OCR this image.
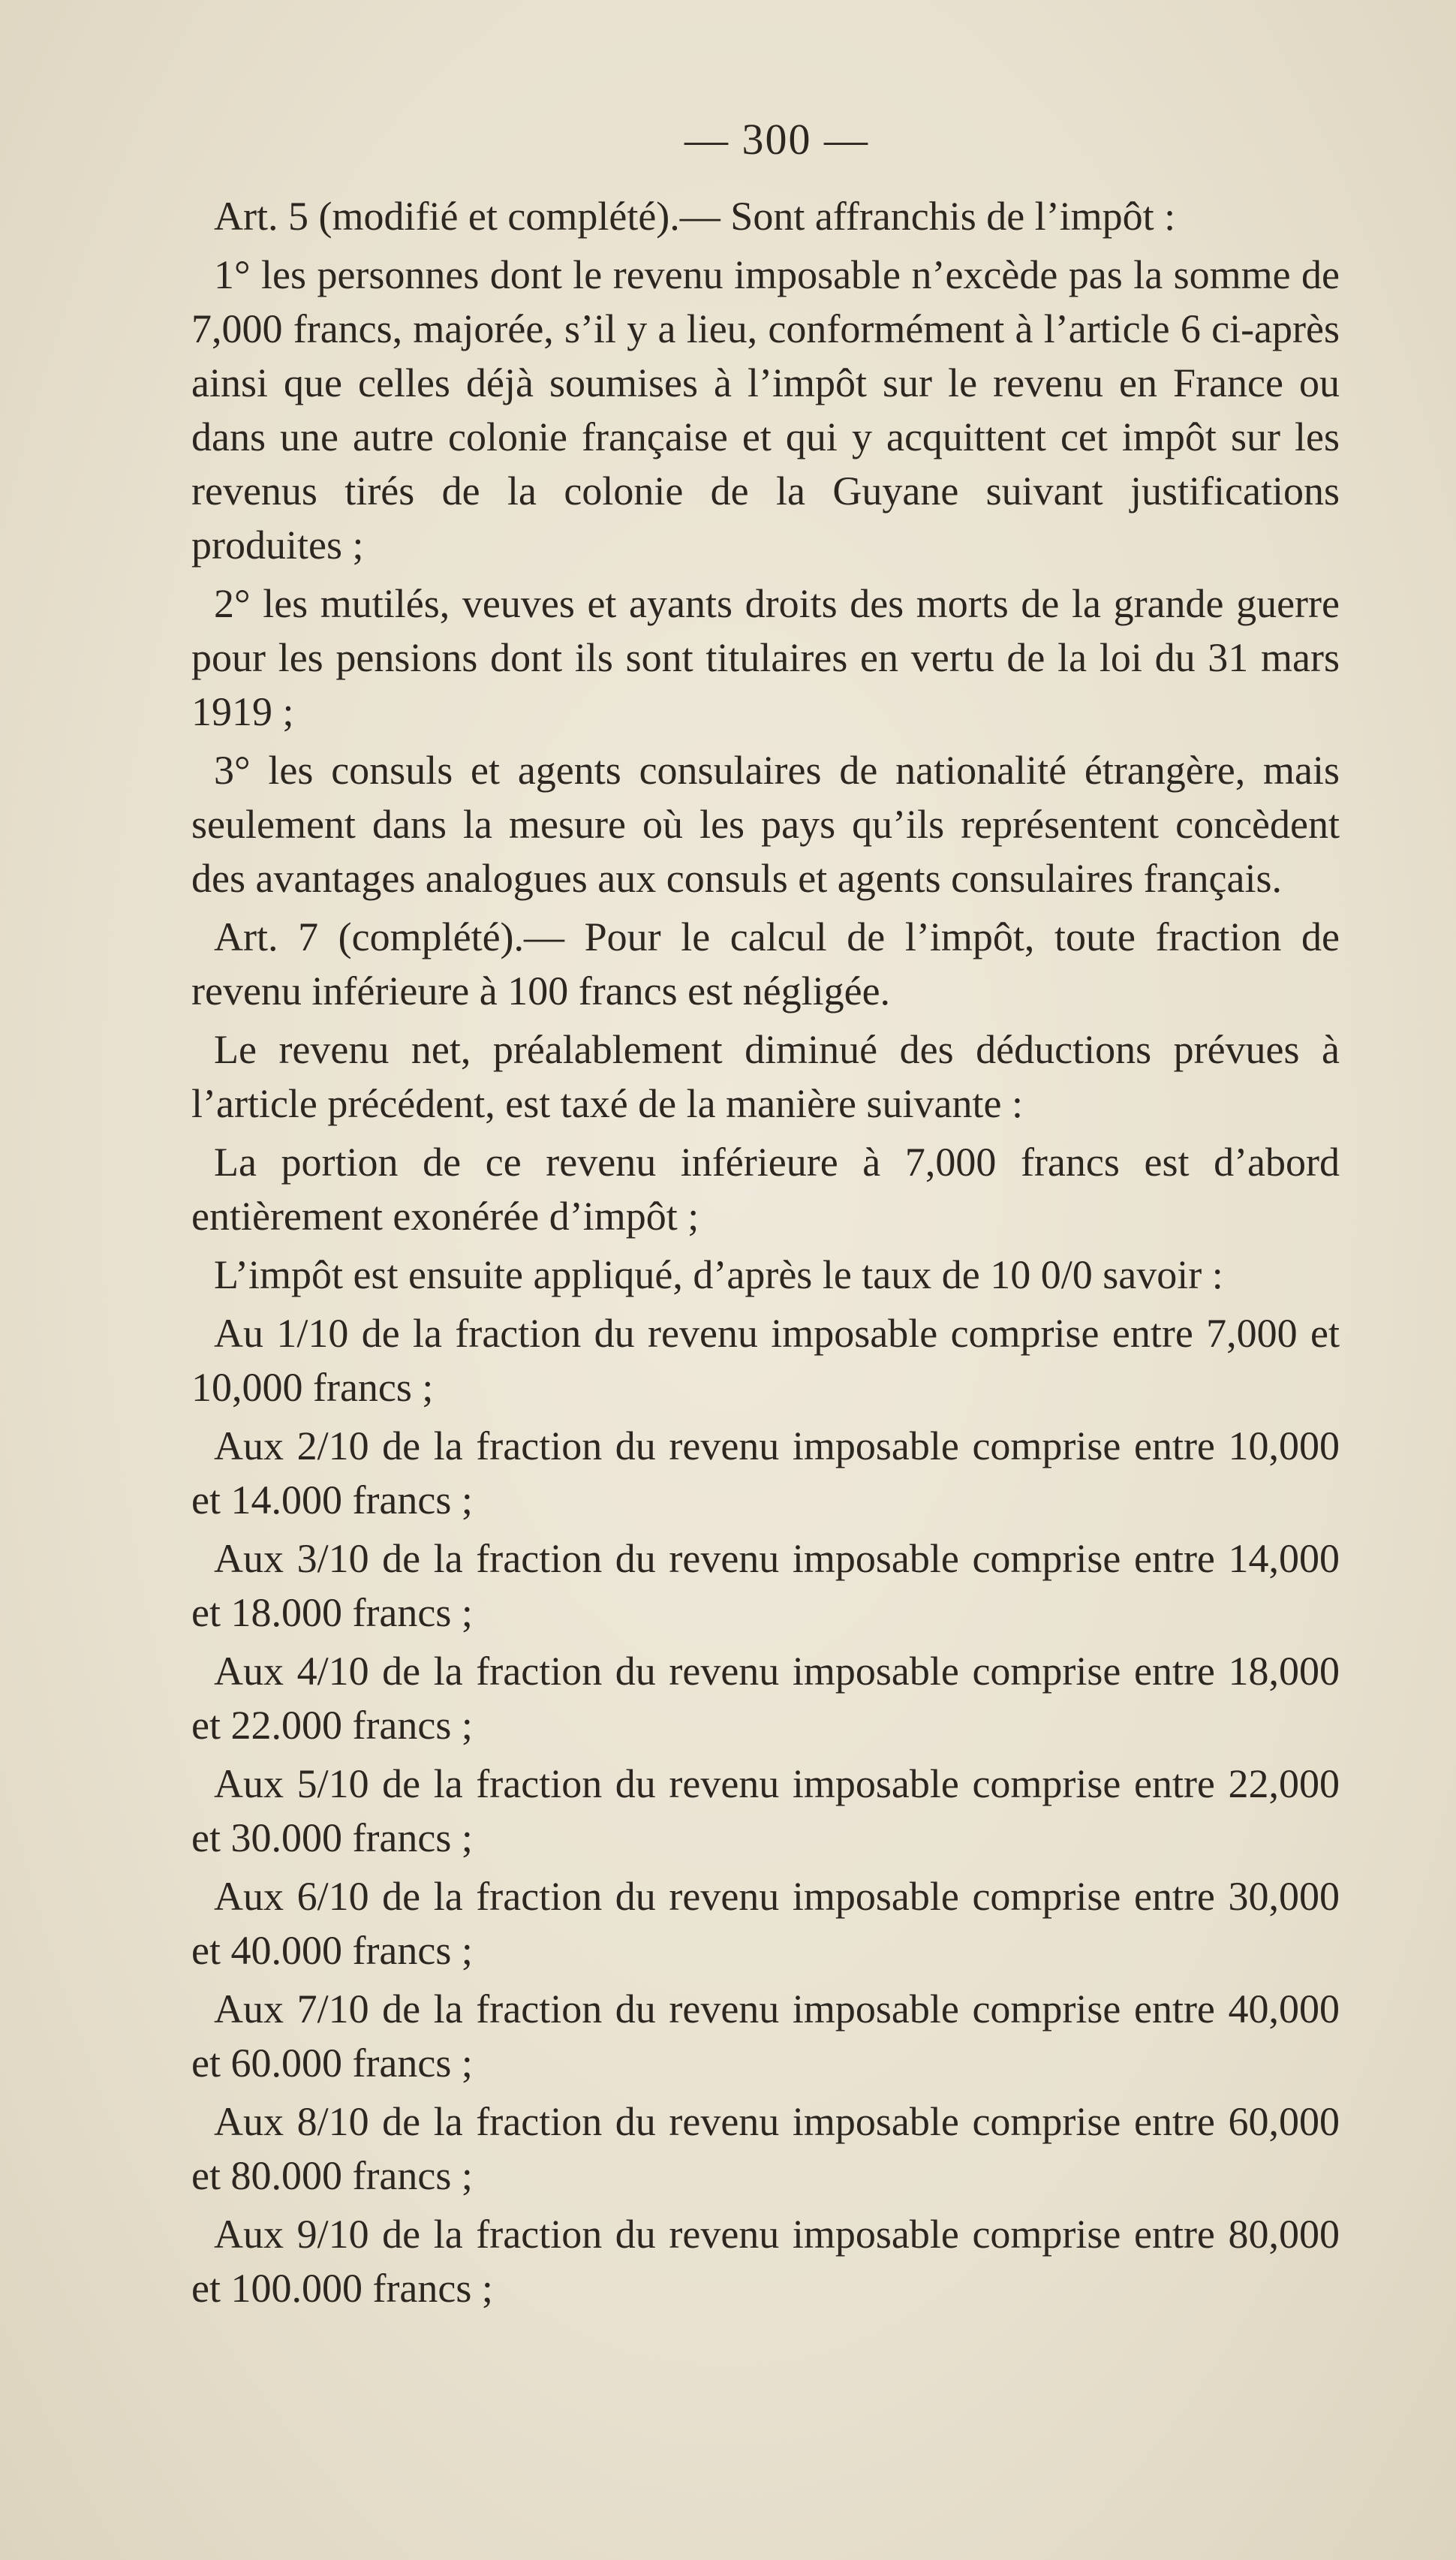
— 300 —

Art. 5 (modifié et complété).— Sont affranchis de l’impôt :

1° les personnes dont le revenu imposable n’excède pas la somme de 7,000 francs, majorée, s’il y a lieu, conformément à l’article 6 ci-après ainsi que celles déjà soumises à l’impôt sur le revenu en France ou dans une autre colonie française et qui y acquittent cet impôt sur les revenus tirés de la colonie de la Guyane suivant justifications produites ;

2° les mutilés, veuves et ayants droits des morts de la grande guerre pour les pensions dont ils sont titulaires en vertu de la loi du 31 mars 1919 ;

3° les consuls et agents consulaires de nationalité étrangère, mais seulement dans la mesure où les pays qu’ils représentent concèdent des avantages analogues aux consuls et agents consulaires français.

Art. 7 (complété).— Pour le calcul de l’impôt, toute fraction de revenu inférieure à 100 francs est négligée.

Le revenu net, préalablement diminué des déductions prévues à l’article précédent, est taxé de la manière suivante :

La portion de ce revenu inférieure à 7,000 francs est d’abord entièrement exonérée d’impôt ;

L’impôt est ensuite appliqué, d’après le taux de 10 0/0 savoir :

Au 1/10 de la fraction du revenu imposable comprise entre 7,000 et 10,000 francs ;

Aux 2/10 de la fraction du revenu imposable comprise entre 10,000 et 14.000 francs ;

Aux 3/10 de la fraction du revenu imposable comprise entre 14,000 et 18.000 francs ;

Aux 4/10 de la fraction du revenu imposable comprise entre 18,000 et 22.000 francs ;

Aux 5/10 de la fraction du revenu imposable comprise entre 22,000 et 30.000 francs ;

Aux 6/10 de la fraction du revenu imposable comprise entre 30,000 et 40.000 francs ;

Aux 7/10 de la fraction du revenu imposable comprise entre 40,000 et 60.000 francs ;

Aux 8/10 de la fraction du revenu imposable comprise entre 60,000 et 80.000 francs ;

Aux 9/10 de la fraction du revenu imposable comprise entre 80,000 et 100.000 francs ;
